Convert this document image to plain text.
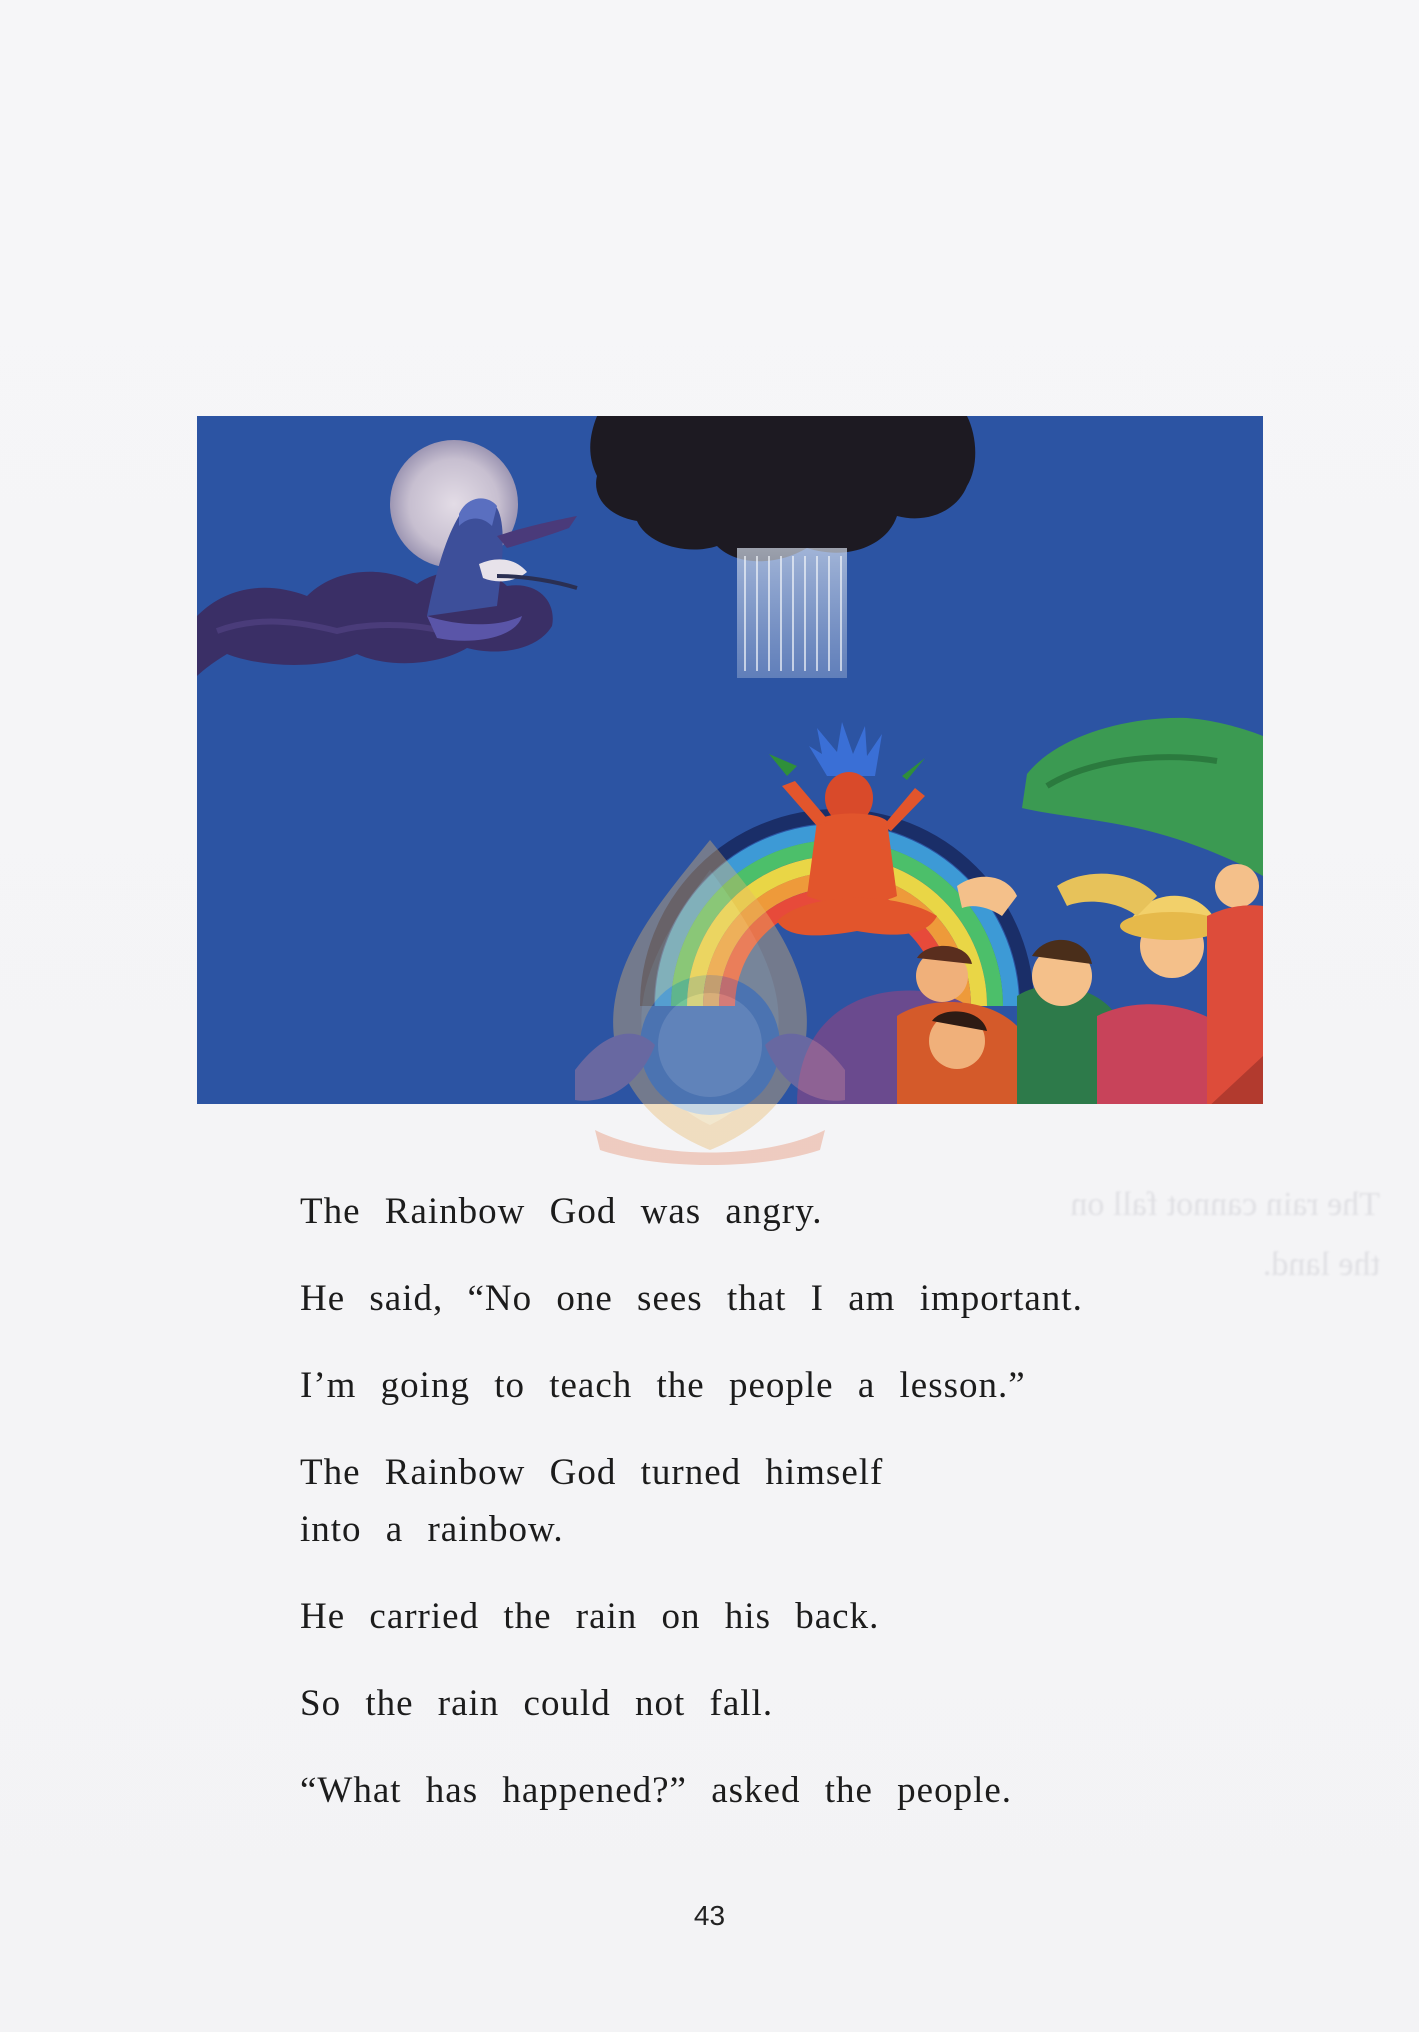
The rain cannot fall on the land.
The Rainbow God was angry.
He said, “No one sees that I am important.
I’m going to teach the people a lesson.”
The Rainbow God turned himself
into a rainbow.
He carried the rain on his back.
So the rain could not fall.
“What has happened?” asked the people.
43
